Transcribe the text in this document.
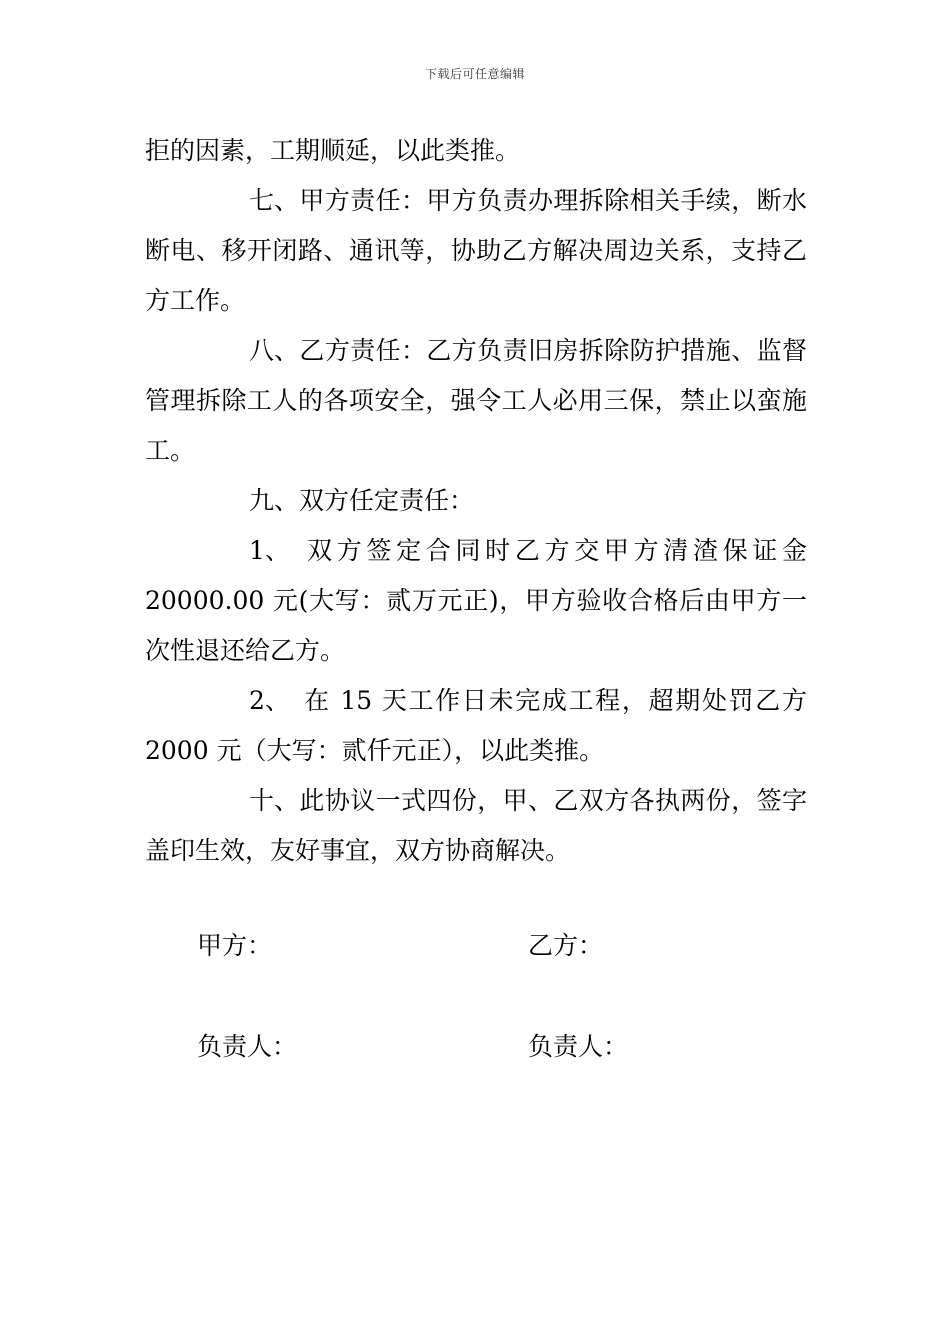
下载后可任意编辑

拒的因素，工期顺延，以此类推。

七、甲方责任：甲方负责办理拆除相关手续，断水断电、移开闭路、通讯等，协助乙方解决周边关系，支持乙方工作。

八、乙方责任：乙方负责旧房拆除防护措施、监督管理拆除工人的各项安全，强令工人必用三保，禁止以蛮施工。

九、双方任定责任：

1、　双方签定合同时乙方交甲方清渣保证金 20000.00 元(大写：贰万元正)，甲方验收合格后由甲方一次性退还给乙方。

2、　在 15 天工作日未完成工程，超期处罚乙方 2000 元（大写：贰仟元正），以此类推。

十、此协议一式四份，甲、乙双方各执两份，签字盖印生效，友好事宜，双方协商解决。

甲方：	乙方：
负责人：	负责人：
